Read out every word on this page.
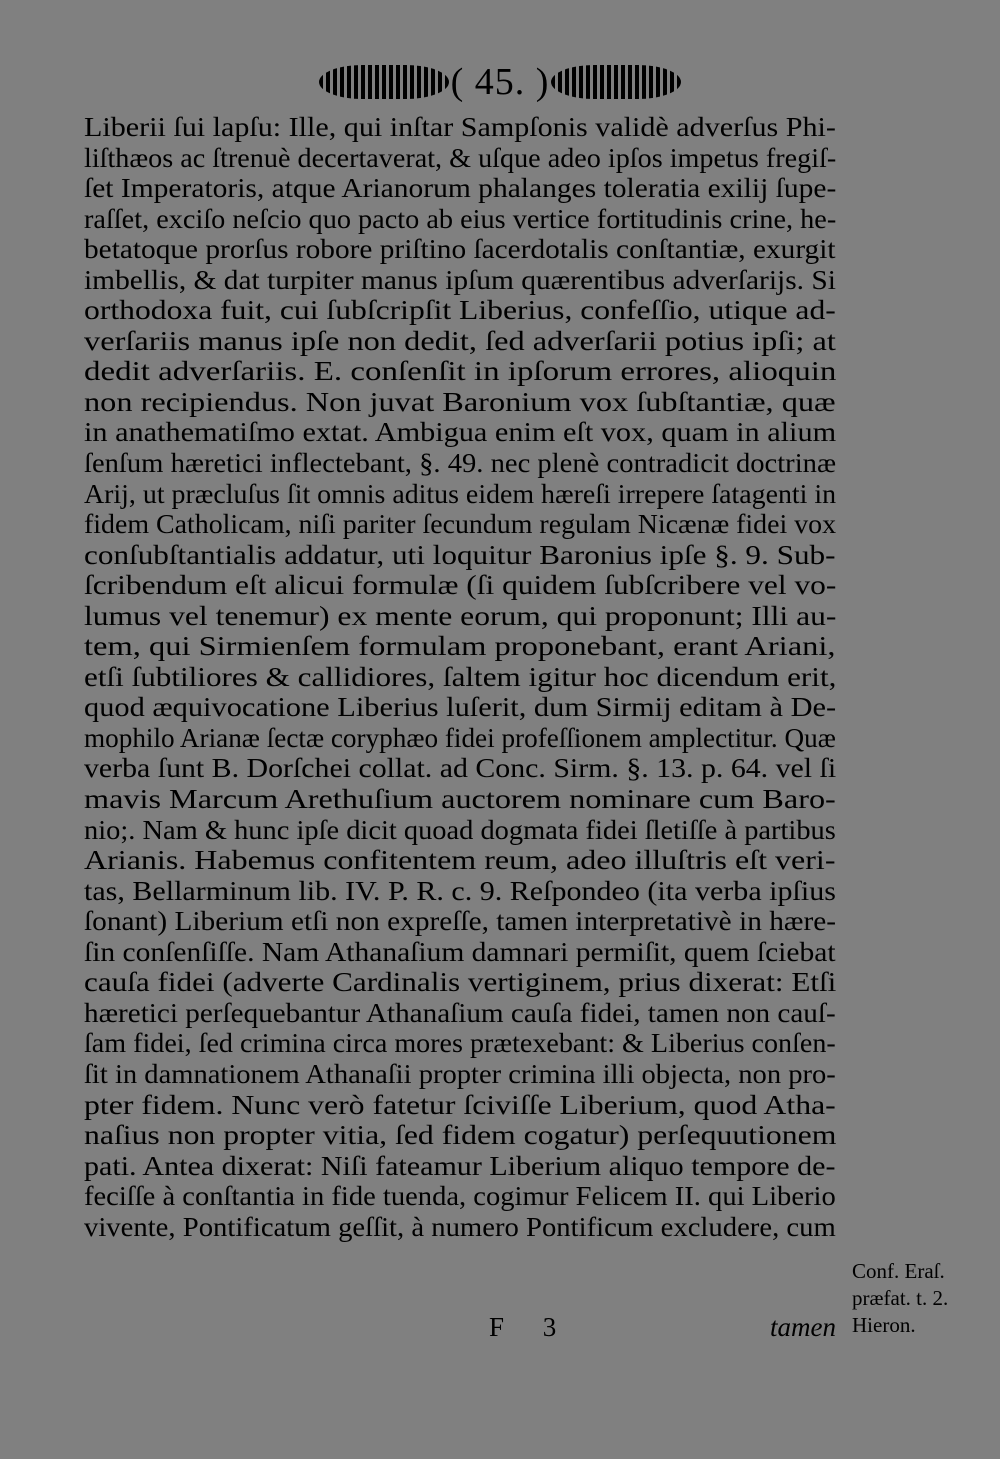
( 45. )
Liberii ſui lapſu: Ille, qui inſtar Sampſonis validè adverſus Phi-
liſthæos ac ſtrenuè decertaverat, & uſque adeo ipſos impetus fregiſ-
ſet Imperatoris, atque Arianorum phalanges toleratia exilij ſupe-
raſſet, exciſo neſcio quo pacto ab eius vertice fortitudinis crine, he-
betatoque prorſus robore priſtino ſacerdotalis conſtantiæ, exurgit
imbellis, & dat turpiter manus ipſum quærentibus adverſarijs. Si
orthodoxa fuit, cui ſubſcripſit Liberius, confeſſio, utique ad-
verſariis manus ipſe non dedit, ſed adverſarii potius ipſi; at
dedit adverſariis. E. conſenſit in ipſorum errores, alioquin
non recipiendus. Non juvat Baronium vox ſubſtantiæ, quæ
in anathematiſmo extat. Ambigua enim eſt vox, quam in alium
ſenſum hæretici inflectebant, §. 49. nec plenè contradicit doctrinæ
Arij, ut præcluſus ſit omnis aditus eidem hæreſi irrepere ſatagenti in
fidem Catholicam, niſi pariter ſecundum regulam Nicænæ fidei vox
conſubſtantialis addatur, uti loquitur Baronius ipſe §. 9. Sub-
ſcribendum eſt alicui formulæ (ſi quidem ſubſcribere vel vo-
lumus vel tenemur) ex mente eorum, qui proponunt; Illi au-
tem, qui Sirmienſem formulam proponebant, erant Ariani,
etſi ſubtiliores & callidiores, ſaltem igitur hoc dicendum erit,
quod æquivocatione Liberius luſerit, dum Sirmij editam à De-
mophilo Arianæ ſectæ coryphæo fidei profeſſionem amplectitur. Quæ
verba ſunt B. Dorſchei collat. ad Conc. Sirm. §. 13. p. 64. vel ſi
mavis Marcum Arethuſium auctorem nominare cum Baro-
nio;. Nam & hunc ipſe dicit quoad dogmata fidei ſletiſſe à partibus
Arianis. Habemus confitentem reum, adeo illuſtris eſt veri-
tas, Bellarminum lib. IV. P. R. c. 9. Reſpondeo (ita verba ipſius
ſonant) Liberium etſi non expreſſe, tamen interpretativè in hære-
ſin conſenſiſſe. Nam Athanaſium damnari permiſit, quem ſciebat
cauſa fidei (adverte Cardinalis vertiginem, prius dixerat: Etſi
hæretici perſequebantur Athanaſium cauſa fidei, tamen non cauſ-
ſam fidei, ſed crimina circa mores prætexebant: & Liberius conſen-
ſit in damnationem Athanaſii propter crimina illi objecta, non pro-
pter fidem. Nunc verò fatetur ſciviſſe Liberium, quod Atha-
naſius non propter vitia, ſed fidem cogatur) perſequutionem
pati. Antea dixerat: Niſi fateamur Liberium aliquo tempore de-
feciſſe à conſtantia in fide tuenda, cogimur Felicem II. qui Liberio
vivente, Pontificatum geſſit, à numero Pontificum excludere, cum
F 3	tamen
Conf. Eraſ.
præfat. t. 2.
Hieron.
